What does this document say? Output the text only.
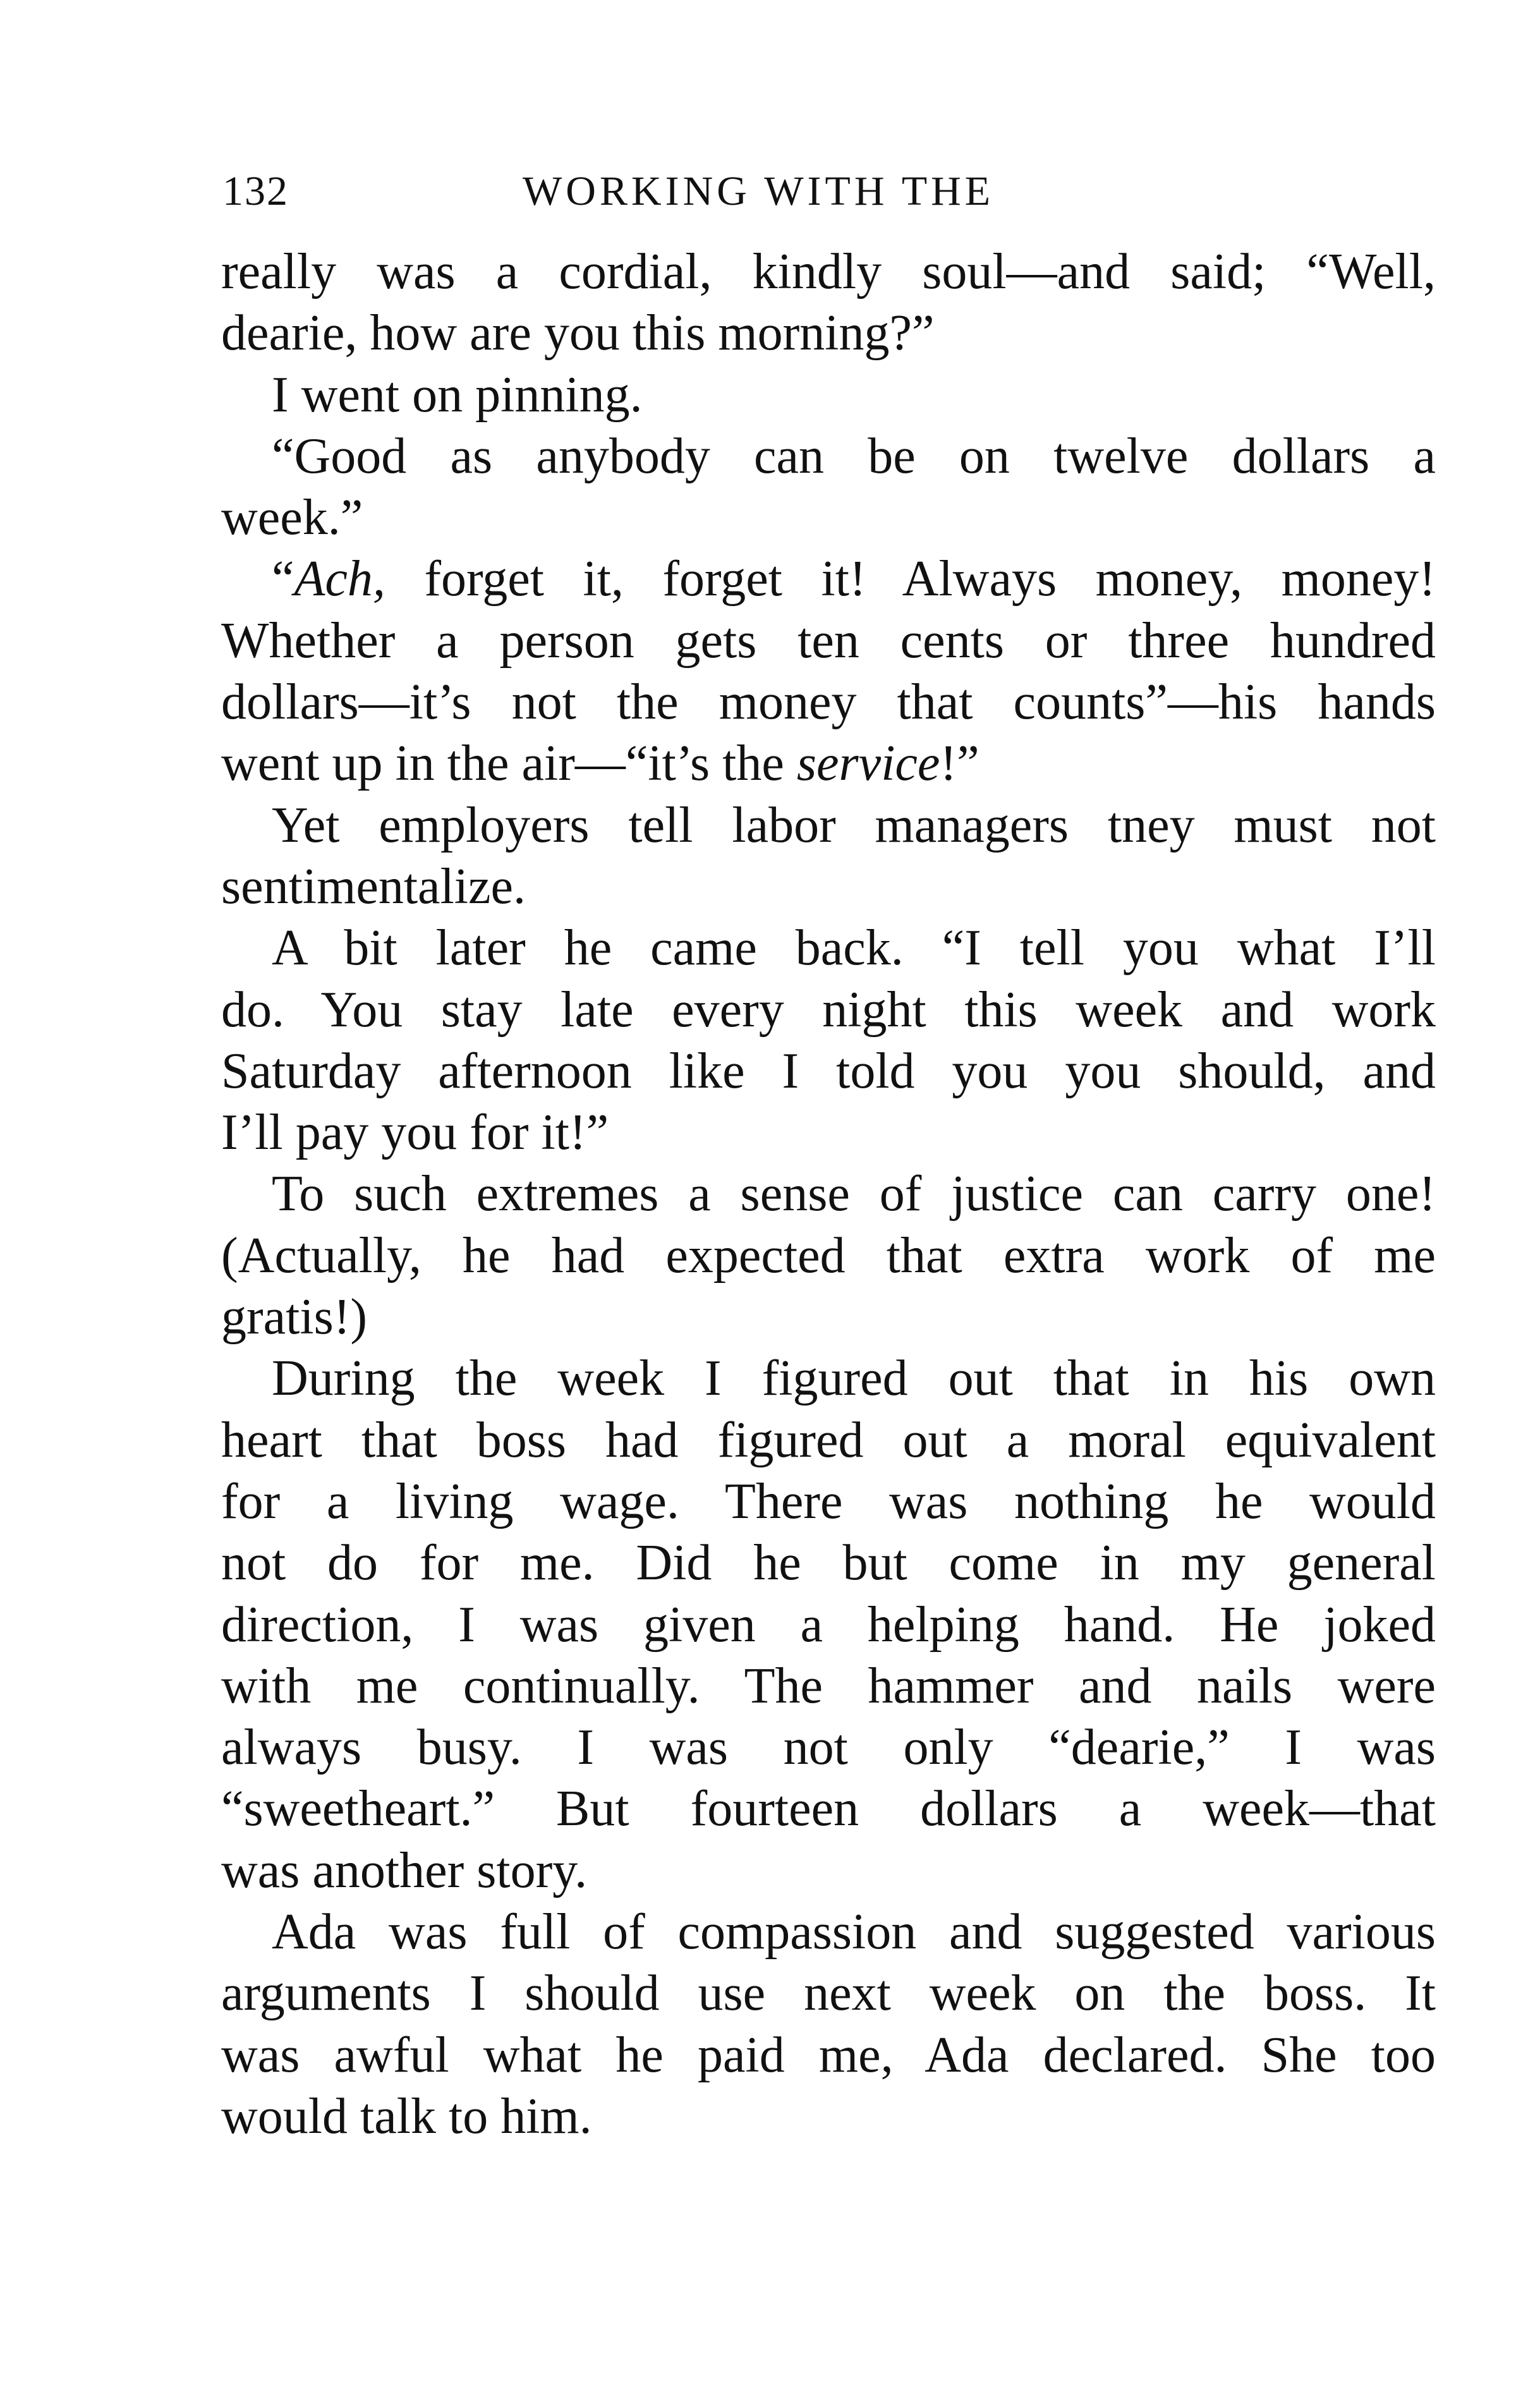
132	WORKING WITH THE
really was a cordial, kindly soul—and said; “Well,
dearie, how are you this morning?”
I went on pinning.
“Good as anybody can be on twelve dollars a
week.”
“Ach, forget it, forget it! Always money, money!
Whether a person gets ten cents or three hundred
dollars—it’s not the money that counts”—his hands
went up in the air—“it’s the service!”
Yet employers tell labor managers tney must not
sentimentalize.
A bit later he came back. “I tell you what I’ll
do. You stay late every night this week and work
Saturday afternoon like I told you you should, and
I’ll pay you for it!”
To such extremes a sense of justice can carry one!
(Actually, he had expected that extra work of me
gratis!)
During the week I figured out that in his own
heart that boss had figured out a moral equivalent
for a living wage. There was nothing he would
not do for me. Did he but come in my general
direction, I was given a helping hand. He joked
with me continually. The hammer and nails were
always busy. I was not only “dearie,” I was
“sweetheart.” But fourteen dollars a week—that
was another story.
Ada was full of compassion and suggested various
arguments I should use next week on the boss. It
was awful what he paid me, Ada declared. She too
would talk to him.
